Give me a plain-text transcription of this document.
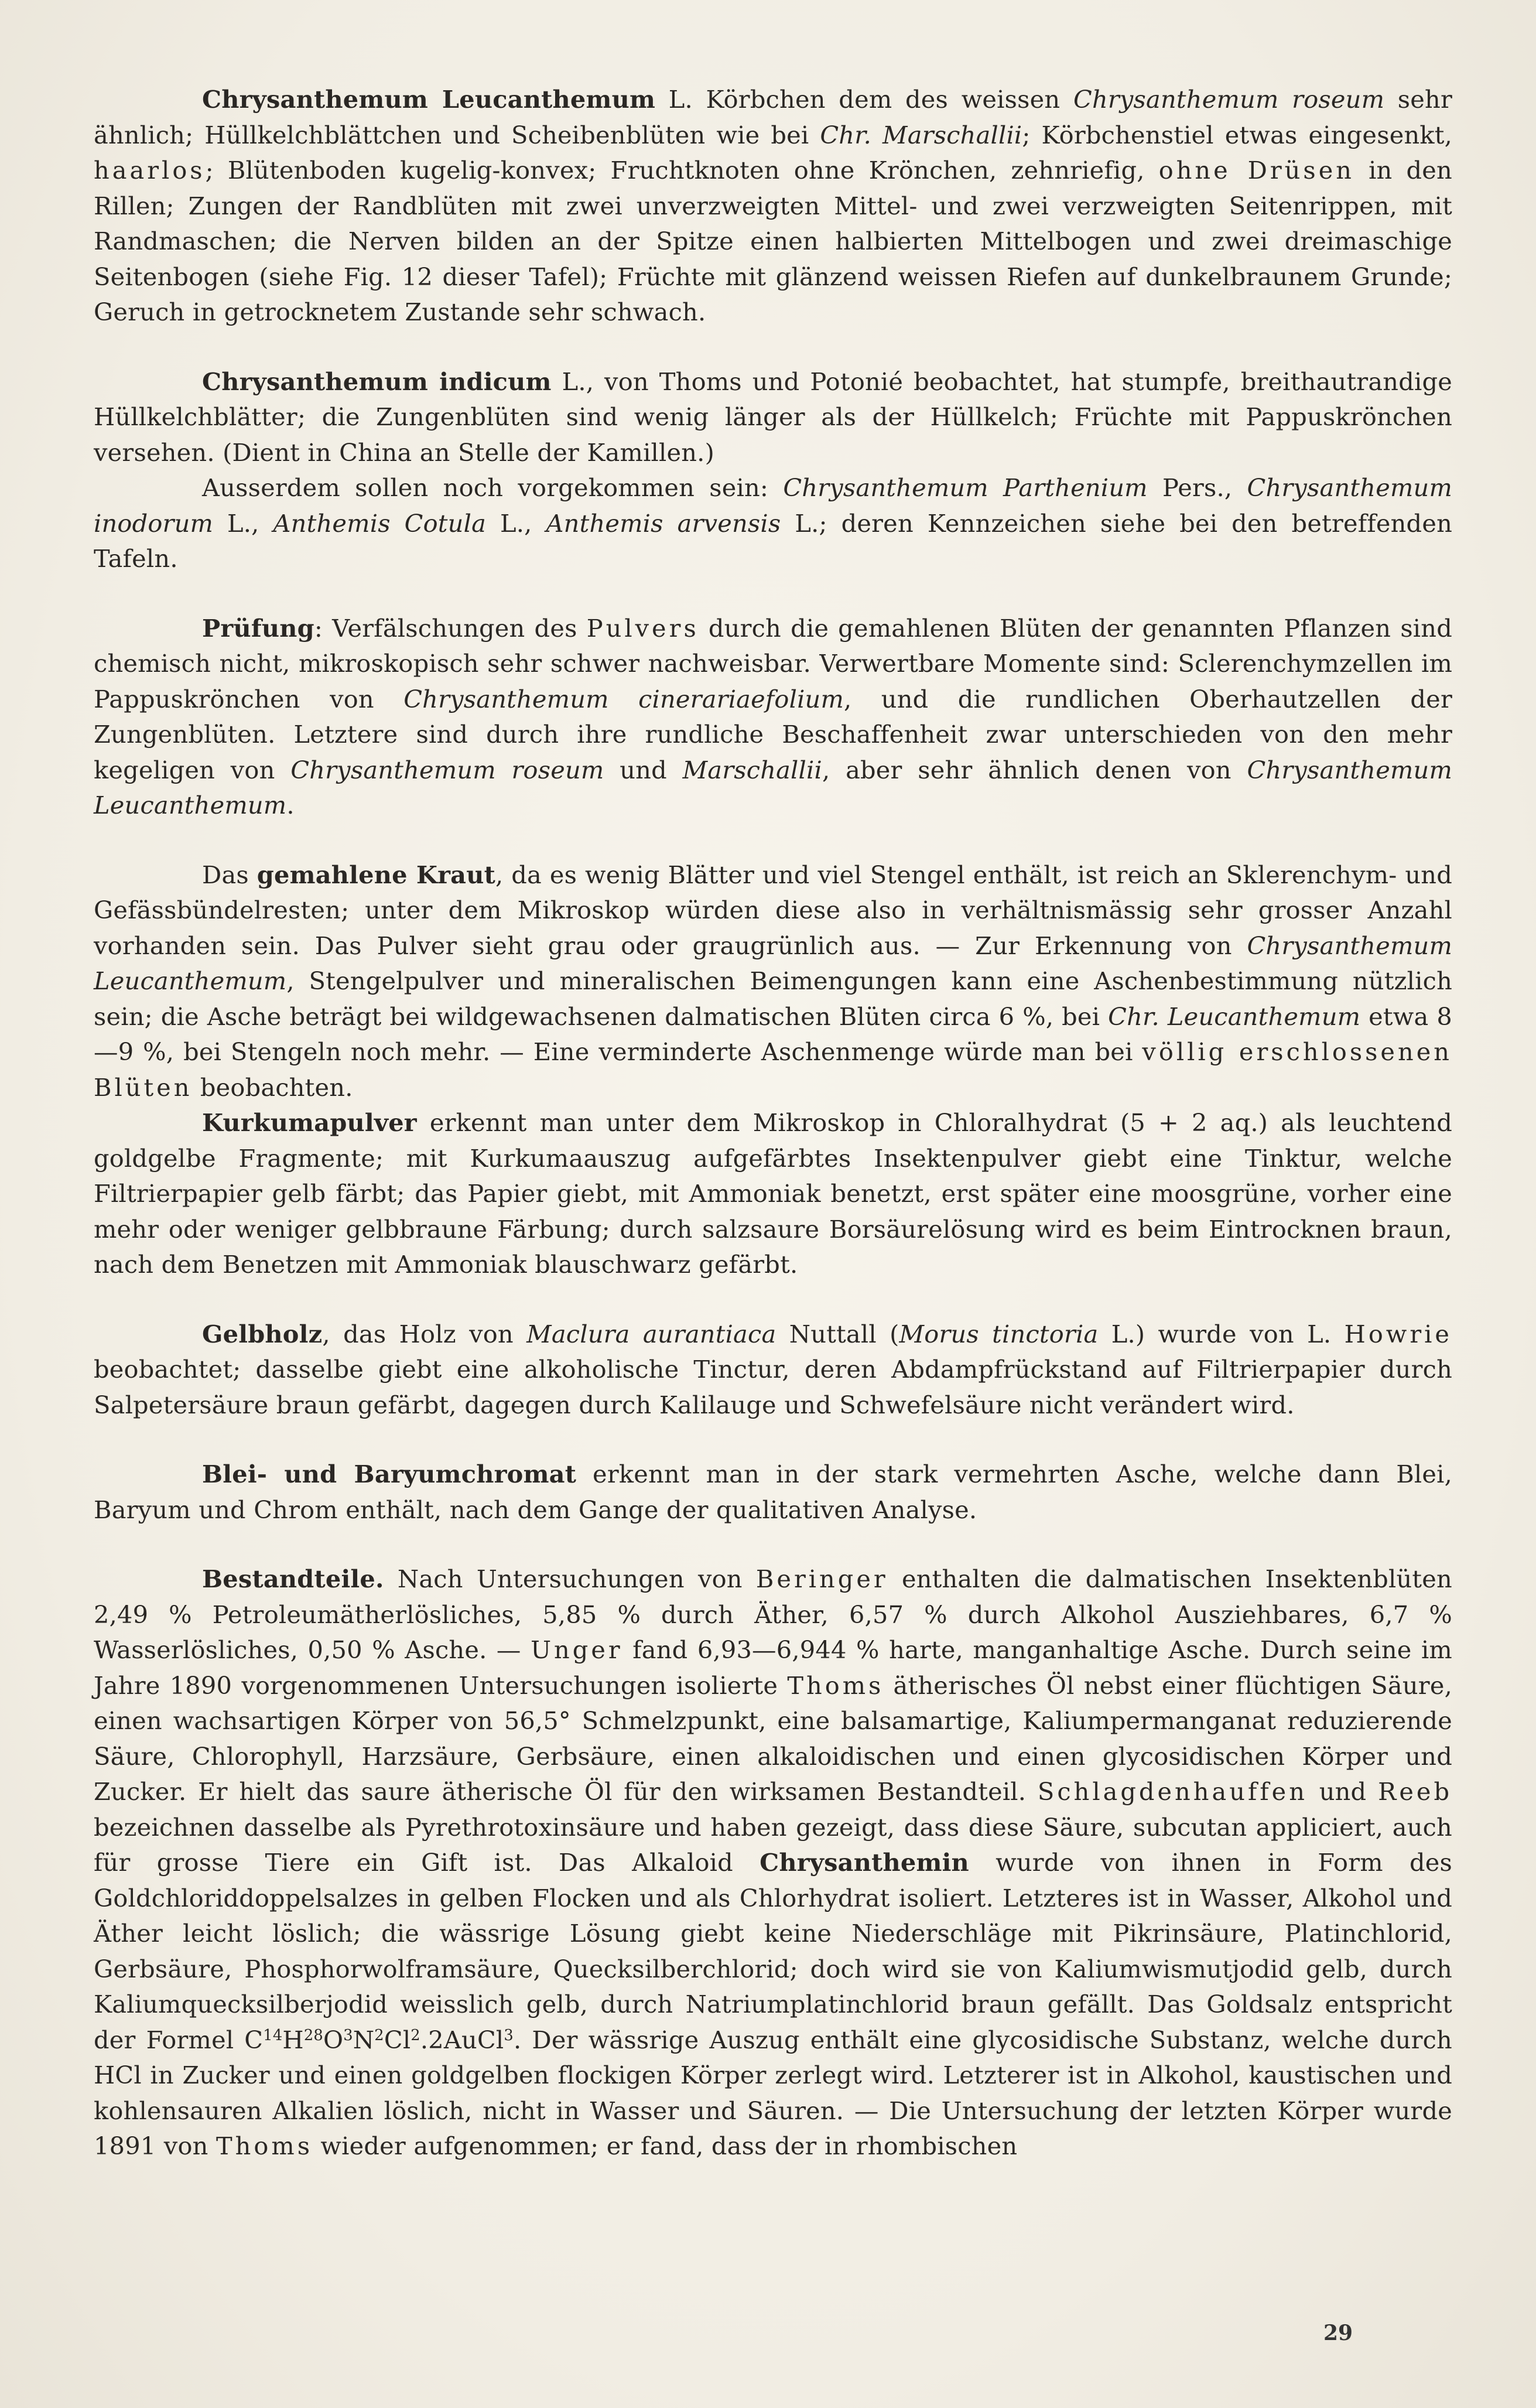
Chrysanthemum Leucanthemum L. Körbchen dem des weissen Chrysanthemum roseum sehr ähnlich; Hüllkelchblättchen und Scheibenblüten wie bei Chr. Marschallii; Körbchenstiel etwas eingesenkt, haarlos; Blütenboden kugelig-konvex; Fruchtknoten ohne Krönchen, zehnriefig, ohne Drüsen in den Rillen; Zungen der Randblüten mit zwei unverzweigten Mittel- und zwei verzweigten Seitenrippen, mit Randmaschen; die Nerven bilden an der Spitze einen halbierten Mittelbogen und zwei dreimaschige Seitenbogen (siehe Fig. 12 dieser Tafel); Früchte mit glänzend weissen Riefen auf dunkelbraunem Grunde; Geruch in getrocknetem Zustande sehr schwach.

Chrysanthemum indicum L., von Thoms und Potonié beobachtet, hat stumpfe, breithautrandige Hüllkelchblätter; die Zungenblüten sind wenig länger als der Hüllkelch; Früchte mit Pappuskrönchen versehen. (Dient in China an Stelle der Kamillen.)

Ausserdem sollen noch vorgekommen sein: Chrysanthemum Parthenium Pers., Chrysanthemum inodorum L., Anthemis Cotula L., Anthemis arvensis L.; deren Kennzeichen siehe bei den betreffenden Tafeln.

Prüfung: Verfälschungen des Pulvers durch die gemahlenen Blüten der genannten Pflanzen sind chemisch nicht, mikroskopisch sehr schwer nachweisbar. Verwertbare Momente sind: Sclerenchymzellen im Pappuskrönchen von Chrysanthemum cinerariaefolium, und die rundlichen Oberhautzellen der Zungenblüten. Letztere sind durch ihre rundliche Beschaffenheit zwar unterschieden von den mehr kegeligen von Chrysanthemum roseum und Marschallii, aber sehr ähnlich denen von Chrysanthemum Leucanthemum.

Das gemahlene Kraut, da es wenig Blätter und viel Stengel enthält, ist reich an Sklerenchym- und Gefässbündelresten; unter dem Mikroskop würden diese also in verhältnismässig sehr grosser Anzahl vorhanden sein. Das Pulver sieht grau oder graugrünlich aus. — Zur Erkennung von Chrysanthemum Leucanthemum, Stengelpulver und mineralischen Beimengungen kann eine Aschenbestimmung nützlich sein; die Asche beträgt bei wildgewachsenen dalmatischen Blüten circa 6 %, bei Chr. Leucanthemum etwa 8—9 %, bei Stengeln noch mehr. — Eine verminderte Aschenmenge würde man bei völlig erschlossenen Blüten beobachten.

Kurkumapulver erkennt man unter dem Mikroskop in Chloralhydrat (5 + 2 aq.) als leuchtend goldgelbe Fragmente; mit Kurkumaauszug aufgefärbtes Insektenpulver giebt eine Tinktur, welche Filtrierpapier gelb färbt; das Papier giebt, mit Ammoniak benetzt, erst später eine moosgrüne, vorher eine mehr oder weniger gelbbraune Färbung; durch salzsaure Borsäurelösung wird es beim Eintrocknen braun, nach dem Benetzen mit Ammoniak blauschwarz gefärbt.

Gelbholz, das Holz von Maclura aurantiaca Nuttall (Morus tinctoria L.) wurde von L. Howrie beobachtet; dasselbe giebt eine alkoholische Tinctur, deren Abdampfrückstand auf Filtrierpapier durch Salpetersäure braun gefärbt, dagegen durch Kalilauge und Schwefelsäure nicht verändert wird.

Blei- und Baryumchromat erkennt man in der stark vermehrten Asche, welche dann Blei, Baryum und Chrom enthält, nach dem Gange der qualitativen Analyse.

Bestandteile. Nach Untersuchungen von Beringer enthalten die dalmatischen Insektenblüten 2,49 % Petroleumätherlösliches, 5,85 % durch Äther, 6,57 % durch Alkohol Ausziehbares, 6,7 % Wasserlösliches, 0,50 % Asche. — Unger fand 6,93—6,944 % harte, manganhaltige Asche. Durch seine im Jahre 1890 vorgenommenen Untersuchungen isolierte Thoms ätherisches Öl nebst einer flüchtigen Säure, einen wachsartigen Körper von 56,5° Schmelzpunkt, eine balsamartige, Kaliumpermanganat reduzierende Säure, Chlorophyll, Harzsäure, Gerbsäure, einen alkaloidischen und einen glycosidischen Körper und Zucker. Er hielt das saure ätherische Öl für den wirksamen Bestandteil. Schlagdenhauffen und Reeb bezeichnen dasselbe als Pyrethrotoxinsäure und haben gezeigt, dass diese Säure, subcutan appliciert, auch für grosse Tiere ein Gift ist. Das Alkaloid Chrysanthemin wurde von ihnen in Form des Goldchloriddoppelsalzes in gelben Flocken und als Chlorhydrat isoliert. Letzteres ist in Wasser, Alkohol und Äther leicht löslich; die wässrige Lösung giebt keine Niederschläge mit Pikrinsäure, Platinchlorid, Gerbsäure, Phosphorwolframsäure, Quecksilberchlorid; doch wird sie von Kaliumwismutjodid gelb, durch Kaliumquecksilberjodid weisslich gelb, durch Natriumplatinchlorid braun gefällt. Das Goldsalz entspricht der Formel $C^{14}H^{28}O^3N^2Cl^2.2AuCl^3$. Der wässrige Auszug enthält eine glycosidische Substanz, welche durch HCl in Zucker und einen goldgelben flockigen Körper zerlegt wird. Letzterer ist in Alkohol, kaustischen und kohlensauren Alkalien löslich, nicht in Wasser und Säuren. — Die Untersuchung der letzten Körper wurde 1891 von Thoms wieder aufgenommen; er fand, dass der in rhombischen

29
